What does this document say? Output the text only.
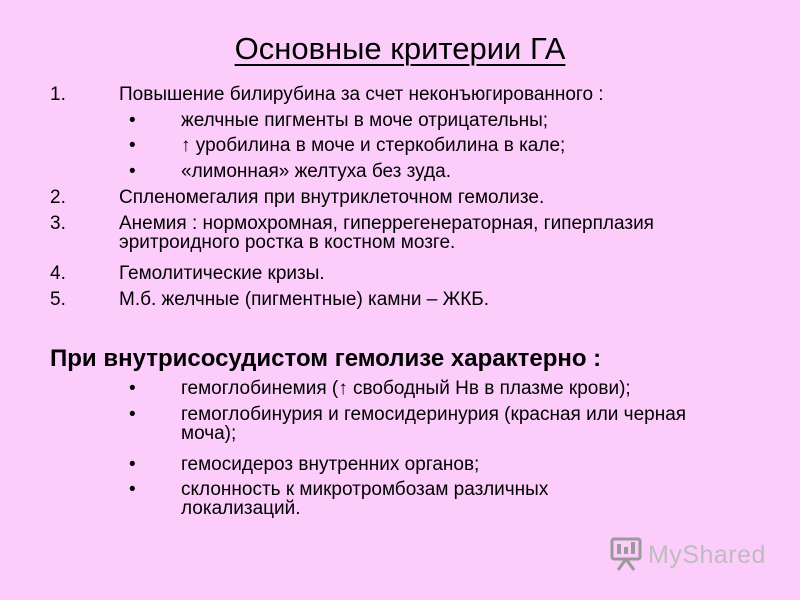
Основные критерии ГА
1.	Повышение билирубина за счет неконъюгированного :
• желчные пигменты в моче отрицательны;
• ↑ уробилина в моче и стеркобилина в кале;
• «лимонная» желтуха без зуда.
2.	Спленомегалия при внутриклеточном гемолизе.
3.	Анемия : нормохромная, гиперрегенераторная, гиперплазия эритроидного ростка в костном мозге.
4.	Гемолитические кризы.
5.	М.б. желчные (пигментные) камни – ЖКБ.
При внутрисосудистом гемолизе характерно :
• гемоглобинемия (↑ свободный Нв в плазме крови);
• гемоглобинурия и гемосидеринурия (красная или черная моча);
• гемосидероз внутренних органов;
• склонность к микротромбозам различных локализаций.
MyShared
